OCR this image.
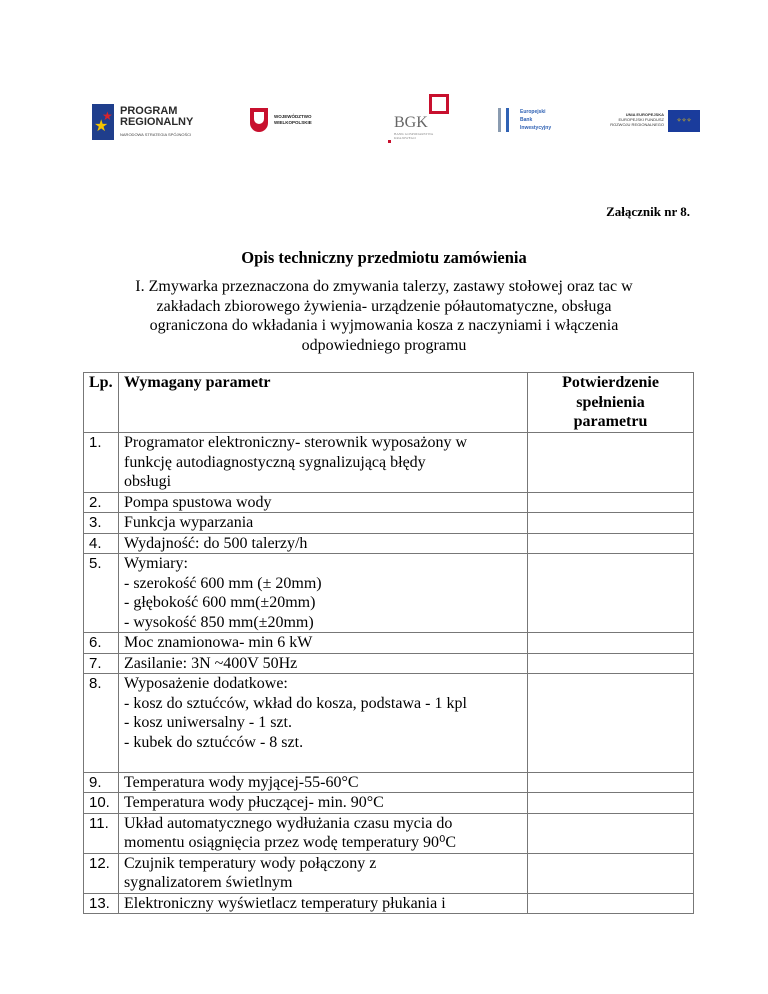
★
★ PROGRAM
REGIONALNY
NARODOWA STRATEGIA SPÓJNOŚCI
WOJEWÓDZTWO
WIELKOPOLSKIE	BGK
BANK GOSPODARSTWA KRAJOWEGO
Europejski
Bank
Inwestycyjny
UNIA EUROPEJSKA
EUROPEJSKI FUNDUSZ
ROZWOJU REGIONALNEGO
✧✧✧
Załącznik nr 8.
Opis techniczny przedmiotu zamówienia
I. Zmywarka przeznaczona do zmywania talerzy, zastawy stołowej oraz tac w
zakładach zbiorowego żywienia- urządzenie półautomatyczne, obsługa
ograniczona do wkładania i wyjmowania kosza z naczyniami i włączenia
odpowiedniego programu
Lp.	Wymagany parametr	Potwierdzenie
spełnienia
parametru

1.	Programator elektroniczny- sterownik wyposażony w
funkcję autodiagnostyczną sygnalizującą błędy
obsługi	

2.	Pompa spustowa wody	

3.	Funkcja wyparzania	

4.	Wydajność: do 500 talerzy/h	

5.	Wymiary:
- szerokość 600 mm (± 20mm)
- głębokość 600 mm(±20mm)
- wysokość 850 mm(±20mm)	

6.	Moc znamionowa- min 6 kW	

7.	Zasilanie: 3N ~400V 50Hz	

8.	Wyposażenie dodatkowe:
- kosz do sztućców, wkład do kosza, podstawa - 1 kpl
- kosz uniwersalny - 1 szt.
- kubek do sztućców - 8 szt.	

9.	Temperatura wody myjącej-55-60°C	

10.	Temperatura wody płuczącej- min. 90°C	

11.	Układ automatycznego wydłużania czasu mycia do
momentu osiągnięcia przez wodę temperatury 90⁰C	

12.	Czujnik temperatury wody połączony z
sygnalizatorem świetlnym	

13.	Elektroniczny wyświetlacz temperatury płukania i	
